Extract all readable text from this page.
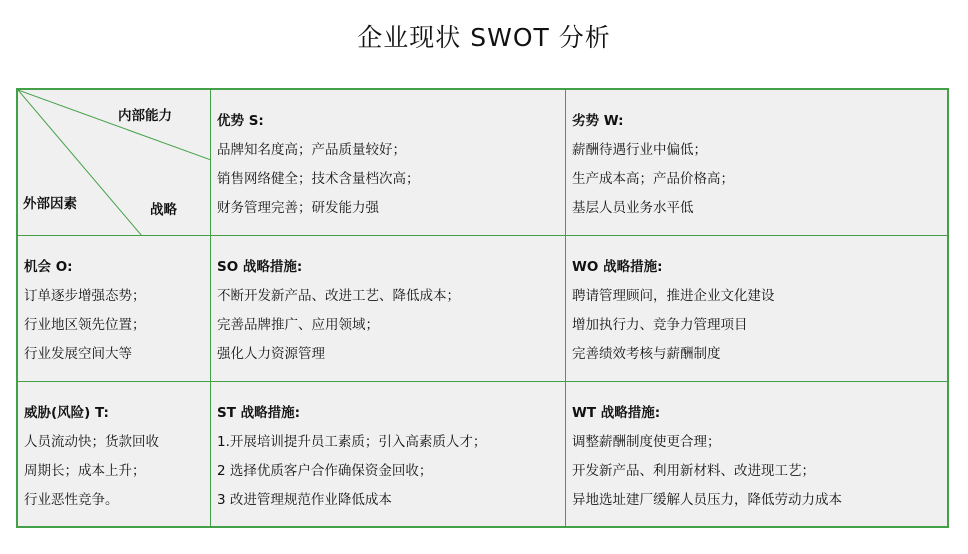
企业现状 SWOT 分析
内部能力
外部因素	战略
优势 S:
品牌知名度高；产品质量较好；
销售网络健全；技术含量档次高；
财务管理完善；研发能力强
劣势 W:
薪酬待遇行业中偏低；
生产成本高；产品价格高；
基层人员业务水平低
机会 O:
订单逐步增强态势；
行业地区领先位置；
行业发展空间大等
SO 战略措施:
不断开发新产品、改进工艺、降低成本；
完善品牌推广、应用领域；
强化人力资源管理
WO 战略措施:
聘请管理顾问，推进企业文化建设
增加执行力、竞争力管理项目
完善绩效考核与薪酬制度
威胁(风险) T:
人员流动快；货款回收
周期长；成本上升；
行业恶性竞争。
ST 战略措施:
1.开展培训提升员工素质；引入高素质人才；
2 选择优质客户合作确保资金回收；
3 改进管理规范作业降低成本
WT 战略措施:
调整薪酬制度使更合理；
开发新产品、利用新材料、改进现工艺；
异地选址建厂缓解人员压力，降低劳动力成本
